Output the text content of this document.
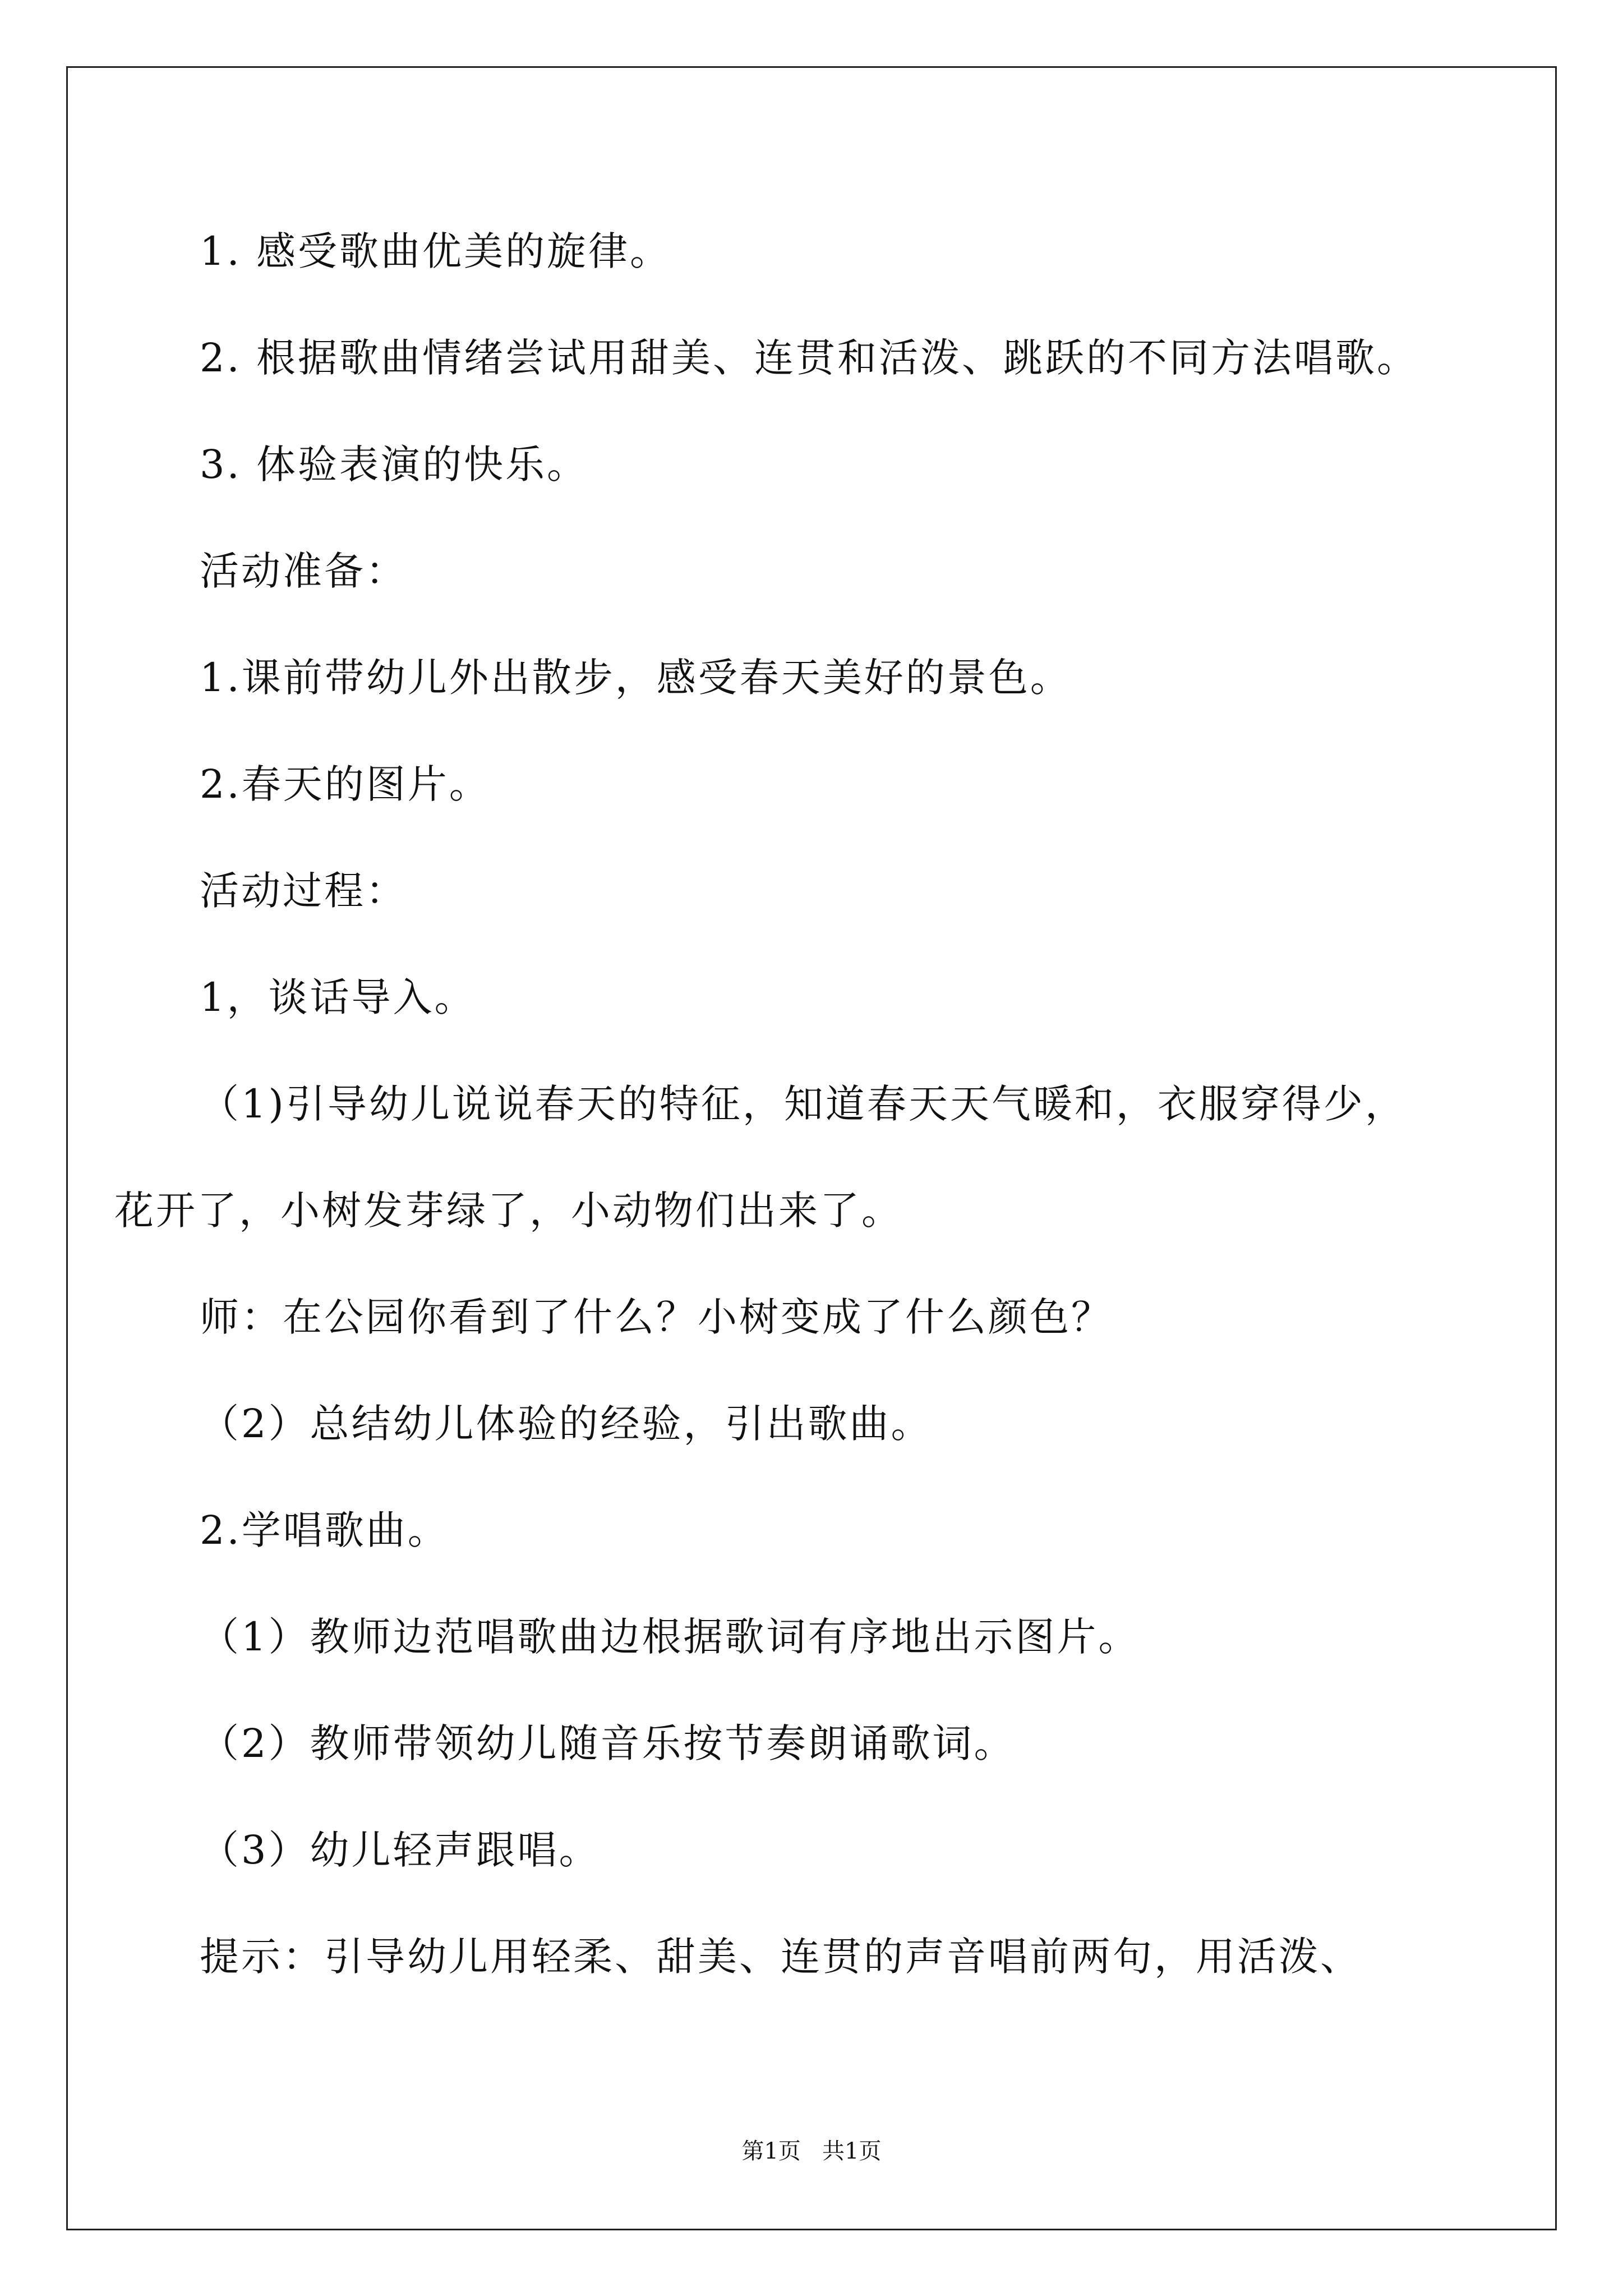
1. 感受歌曲优美的旋律。
2. 根据歌曲情绪尝试用甜美、连贯和活泼、跳跃的不同方法唱歌。
3. 体验表演的快乐。
活动准备：
1.课前带幼儿外出散步，感受春天美好的景色。
2.春天的图片。
活动过程：
1，谈话导入。
（1)引导幼儿说说春天的特征，知道春天天气暖和，衣服穿得少，
花开了，小树发芽绿了，小动物们出来了。
师：在公园你看到了什么？小树变成了什么颜色？
（2）总结幼儿体验的经验，引出歌曲。
2.学唱歌曲。
（1）教师边范唱歌曲边根据歌词有序地出示图片。
（2）教师带领幼儿随音乐按节奏朗诵歌词。
（3）幼儿轻声跟唱。
提示：引导幼儿用轻柔、甜美、连贯的声音唱前两句，用活泼、
第1页   共1页
